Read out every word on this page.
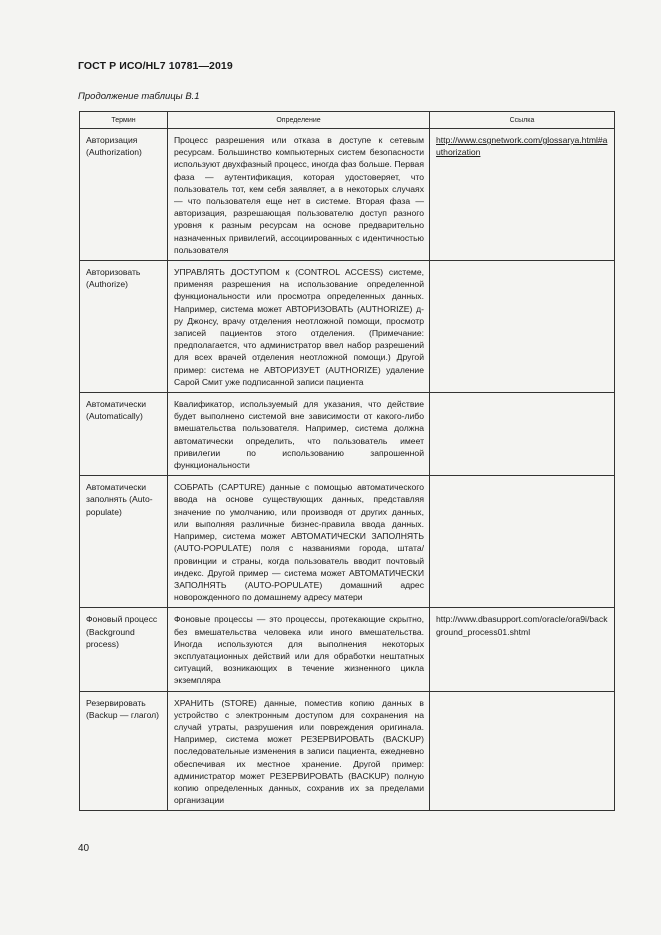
ГОСТ Р ИСО/HL7 10781—2019
Продолжение таблицы В.1
Термин	Определение	Ссылка
Авторизация (Authorization)	Процесс разрешения или отказа в доступе к сетевым ресурсам. Большинство компьютерных систем безопасности используют двухфазный процесс, иногда фаз больше. Первая фаза — аутентификация, которая удостоверяет, что пользователь тот, кем себя заявляет, а в некоторых случаях — что пользователя еще нет в системе. Вторая фаза — авторизация, разрешающая пользователю доступ разного уровня к разным ресурсам на основе предварительно назначенных привилегий, ассоциированных с идентичностью пользователя	http://www.csgnetwork.com/glossarya.html#authorization
Авторизовать (Authorize)	УПРАВЛЯТЬ ДОСТУПОМ к (CONTROL ACCESS) системе, применяя разрешения на использование определенной функциональности или просмотра определенных данных. Например, система может АВТОРИЗОВАТЬ (AUTHORIZE) д-ру Джонсу, врачу отделения неотложной помощи, просмотр записей пациентов этого отделения. (Примечание: предполагается, что администратор ввел набор разрешений для всех врачей отделения неотложной помощи.) Другой пример: система не АВТОРИЗУЕТ (AUTHORIZE) удаление Сарой Смит уже подписанной записи пациента	
Автоматически (Automatically)	Квалификатор, используемый для указания, что действие будет выполнено системой вне зависимости от какого-либо вмешательства пользователя. Например, система должна автоматически определить, что пользователь имеет привилегии по использованию запрошенной функциональности	
Автоматически заполнять (Auto-populate)	СОБРАТЬ (CAPTURE) данные с помощью автоматического ввода на основе существующих данных, представляя значение по умолчанию, или производя от других данных, или выполняя различные бизнес-правила ввода данных. Например, система может АВТОМАТИЧЕСКИ ЗАПОЛНЯТЬ (AUTO-POPULATE) поля с названиями города, штата/провинции и страны, когда пользователь вводит почтовый индекс. Другой пример — система может АВТОМАТИЧЕСКИ ЗАПОЛНЯТЬ (AUTO-POPULATE) домашний адрес новорожденного по домашнему адресу матери	
Фоновый процесс (Background process)	Фоновые процессы — это процессы, протекающие скрытно, без вмешательства человека или иного вмешательства. Иногда используются для выполнения некоторых эксплуатационных действий или для обработки нештатных ситуаций, возникающих в течение жизненного цикла экземпляра	http://www.dbasupport.com/oracle/ora9i/background_process01.shtml
Резервировать (Backup — глагол)	ХРАНИТЬ (STORE) данные, поместив копию данных в устройство с электронным доступом для сохранения на случай утраты, разрушения или повреждения оригинала. Например, система может РЕЗЕРВИРОВАТЬ (BACKUP) последовательные изменения в записи пациента, ежедневно обеспечивая их местное хранение. Другой пример: администратор может РЕЗЕРВИРОВАТЬ (BACKUP) полную копию определенных данных, сохранив их за пределами организации	
40
